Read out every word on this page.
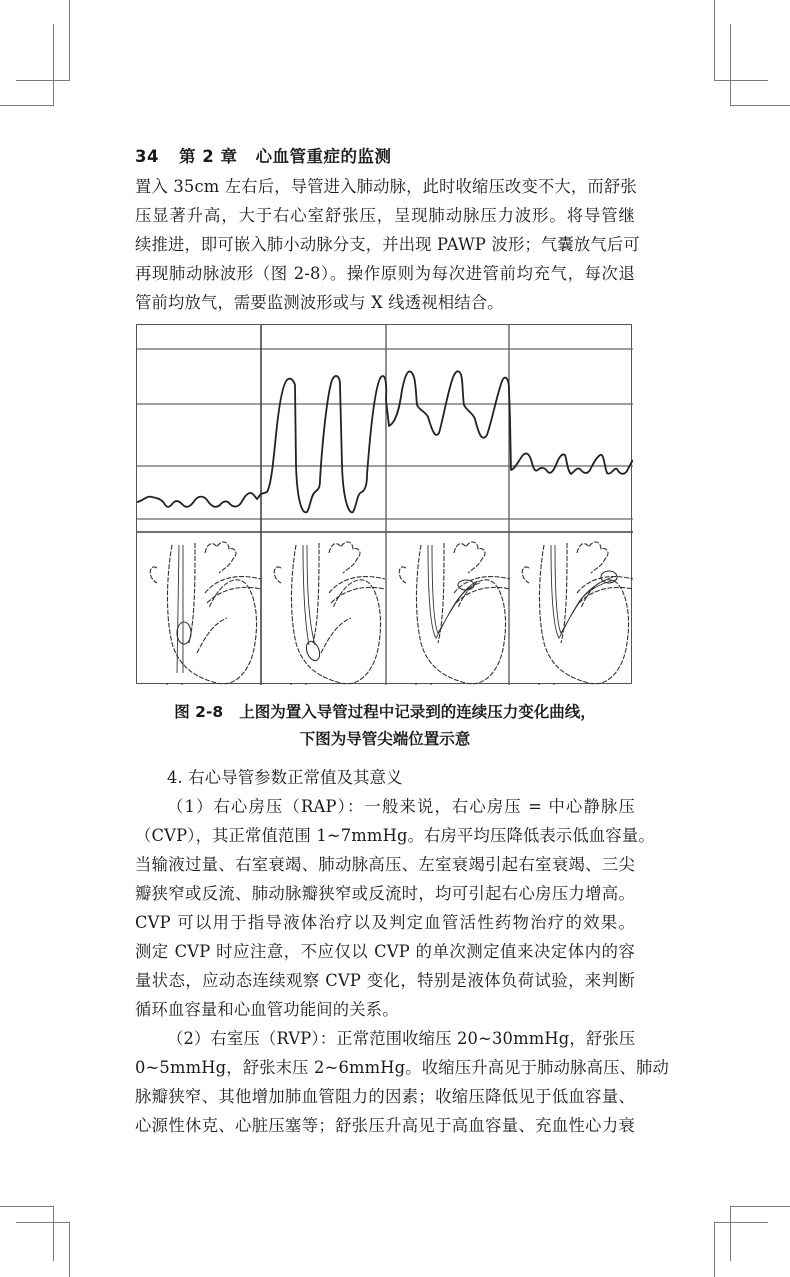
34 第 2 章 心血管重症的监测
置入 35cm 左右后，导管进入肺动脉，此时收缩压改变不大，而舒张
压显著升高，大于右心室舒张压，呈现肺动脉压力波形。将导管继
续推进，即可嵌入肺小动脉分支，并出现 PAWP 波形；气囊放气后可
再现肺动脉波形（图 2-8）。操作原则为每次进管前均充气，每次退
管前均放气，需要监测波形或与 X 线透视相结合。
图 2-8 上图为置入导管过程中记录到的连续压力变化曲线，
下图为导管尖端位置示意
4. 右心导管参数正常值及其意义
（1）右心房压（RAP）：一般来说，右心房压 = 中心静脉压
（CVP），其正常值范围 1~7mmHg。右房平均压降低表示低血容量。
当输液过量、右室衰竭、肺动脉高压、左室衰竭引起右室衰竭、三尖
瓣狭窄或反流、肺动脉瓣狭窄或反流时，均可引起右心房压力增高。
CVP 可以用于指导液体治疗以及判定血管活性药物治疗的效果。
测定 CVP 时应注意，不应仅以 CVP 的单次测定值来决定体内的容
量状态，应动态连续观察 CVP 变化，特别是液体负荷试验，来判断
循环血容量和心血管功能间的关系。
（2）右室压（RVP）：正常范围收缩压 20~30mmHg，舒张压
0~5mmHg，舒张末压 2~6mmHg。收缩压升高见于肺动脉高压、肺动
脉瓣狭窄、其他增加肺血管阻力的因素；收缩压降低见于低血容量、
心源性休克、心脏压塞等；舒张压升高见于高血容量、充血性心力衰
